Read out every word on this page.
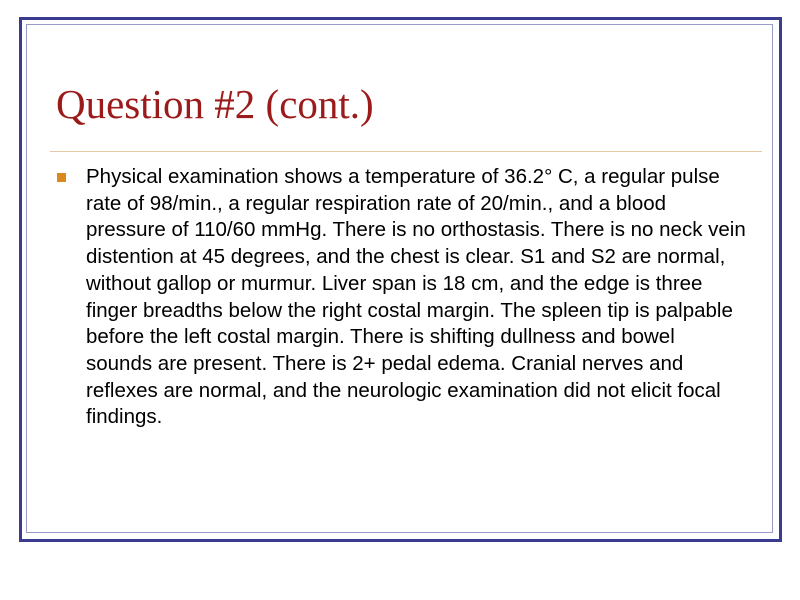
Question #2 (cont.)

Physical examination shows a temperature of 36.2° C, a regular pulse rate of 98/min., a regular respiration rate of 20/min., and a blood pressure of 110/60 mmHg. There is no orthostasis. There is no neck vein distention at 45 degrees, and the chest is clear. S1 and S2 are normal, without gallop or murmur. Liver span is 18 cm, and the edge is three finger breadths below the right costal margin. The spleen tip is palpable before the left costal margin. There is shifting dullness and bowel sounds are present. There is 2+ pedal edema. Cranial nerves and reflexes are normal, and the neurologic examination did not elicit focal findings.
